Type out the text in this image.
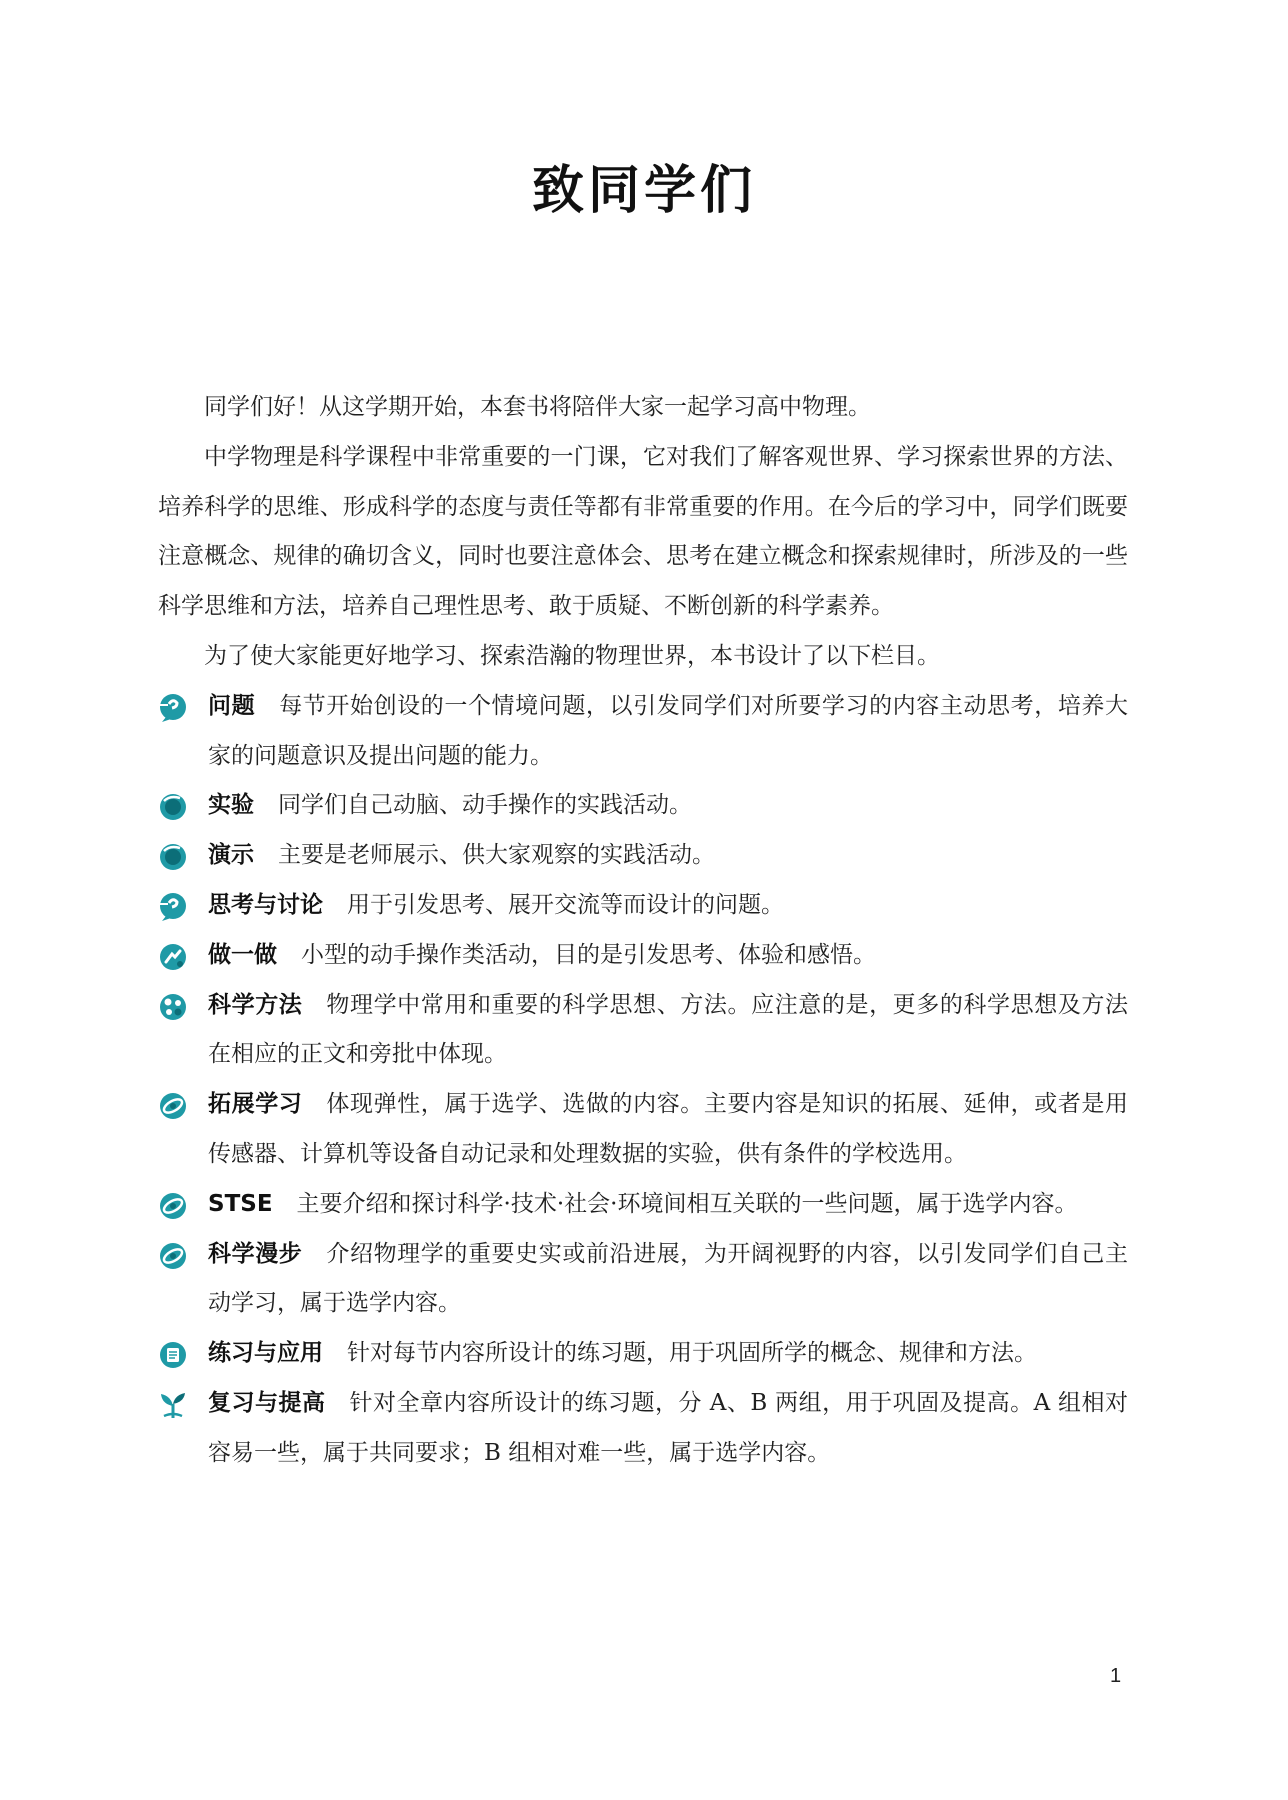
致同学们

同学们好！从这学期开始，本套书将陪伴大家一起学习高中物理。

中学物理是科学课程中非常重要的一门课，它对我们了解客观世界、学习探索世界的方法、培养科学的思维、形成科学的态度与责任等都有非常重要的作用。在今后的学习中，同学们既要注意概念、规律的确切含义，同时也要注意体会、思考在建立概念和探索规律时，所涉及的一些科学思维和方法，培养自己理性思考、敢于质疑、不断创新的科学素养。

为了使大家能更好地学习、探索浩瀚的物理世界，本书设计了以下栏目。

问题 每节开始创设的一个情境问题，以引发同学们对所要学习的内容主动思考，培养大家的问题意识及提出问题的能力。
实验 同学们自己动脑、动手操作的实践活动。
演示 主要是老师展示、供大家观察的实践活动。
思考与讨论 用于引发思考、展开交流等而设计的问题。
做一做 小型的动手操作类活动，目的是引发思考、体验和感悟。
科学方法 物理学中常用和重要的科学思想、方法。应注意的是，更多的科学思想及方法在相应的正文和旁批中体现。
拓展学习 体现弹性，属于选学、选做的内容。主要内容是知识的拓展、延伸，或者是用传感器、计算机等设备自动记录和处理数据的实验，供有条件的学校选用。
STSE 主要介绍和探讨科学·技术·社会·环境间相互关联的一些问题，属于选学内容。
科学漫步 介绍物理学的重要史实或前沿进展，为开阔视野的内容，以引发同学们自己主动学习，属于选学内容。
练习与应用 针对每节内容所设计的练习题，用于巩固所学的概念、规律和方法。
复习与提高 针对全章内容所设计的练习题，分 A、B 两组，用于巩固及提高。A 组相对容易一些，属于共同要求；B 组相对难一些，属于选学内容。
1
